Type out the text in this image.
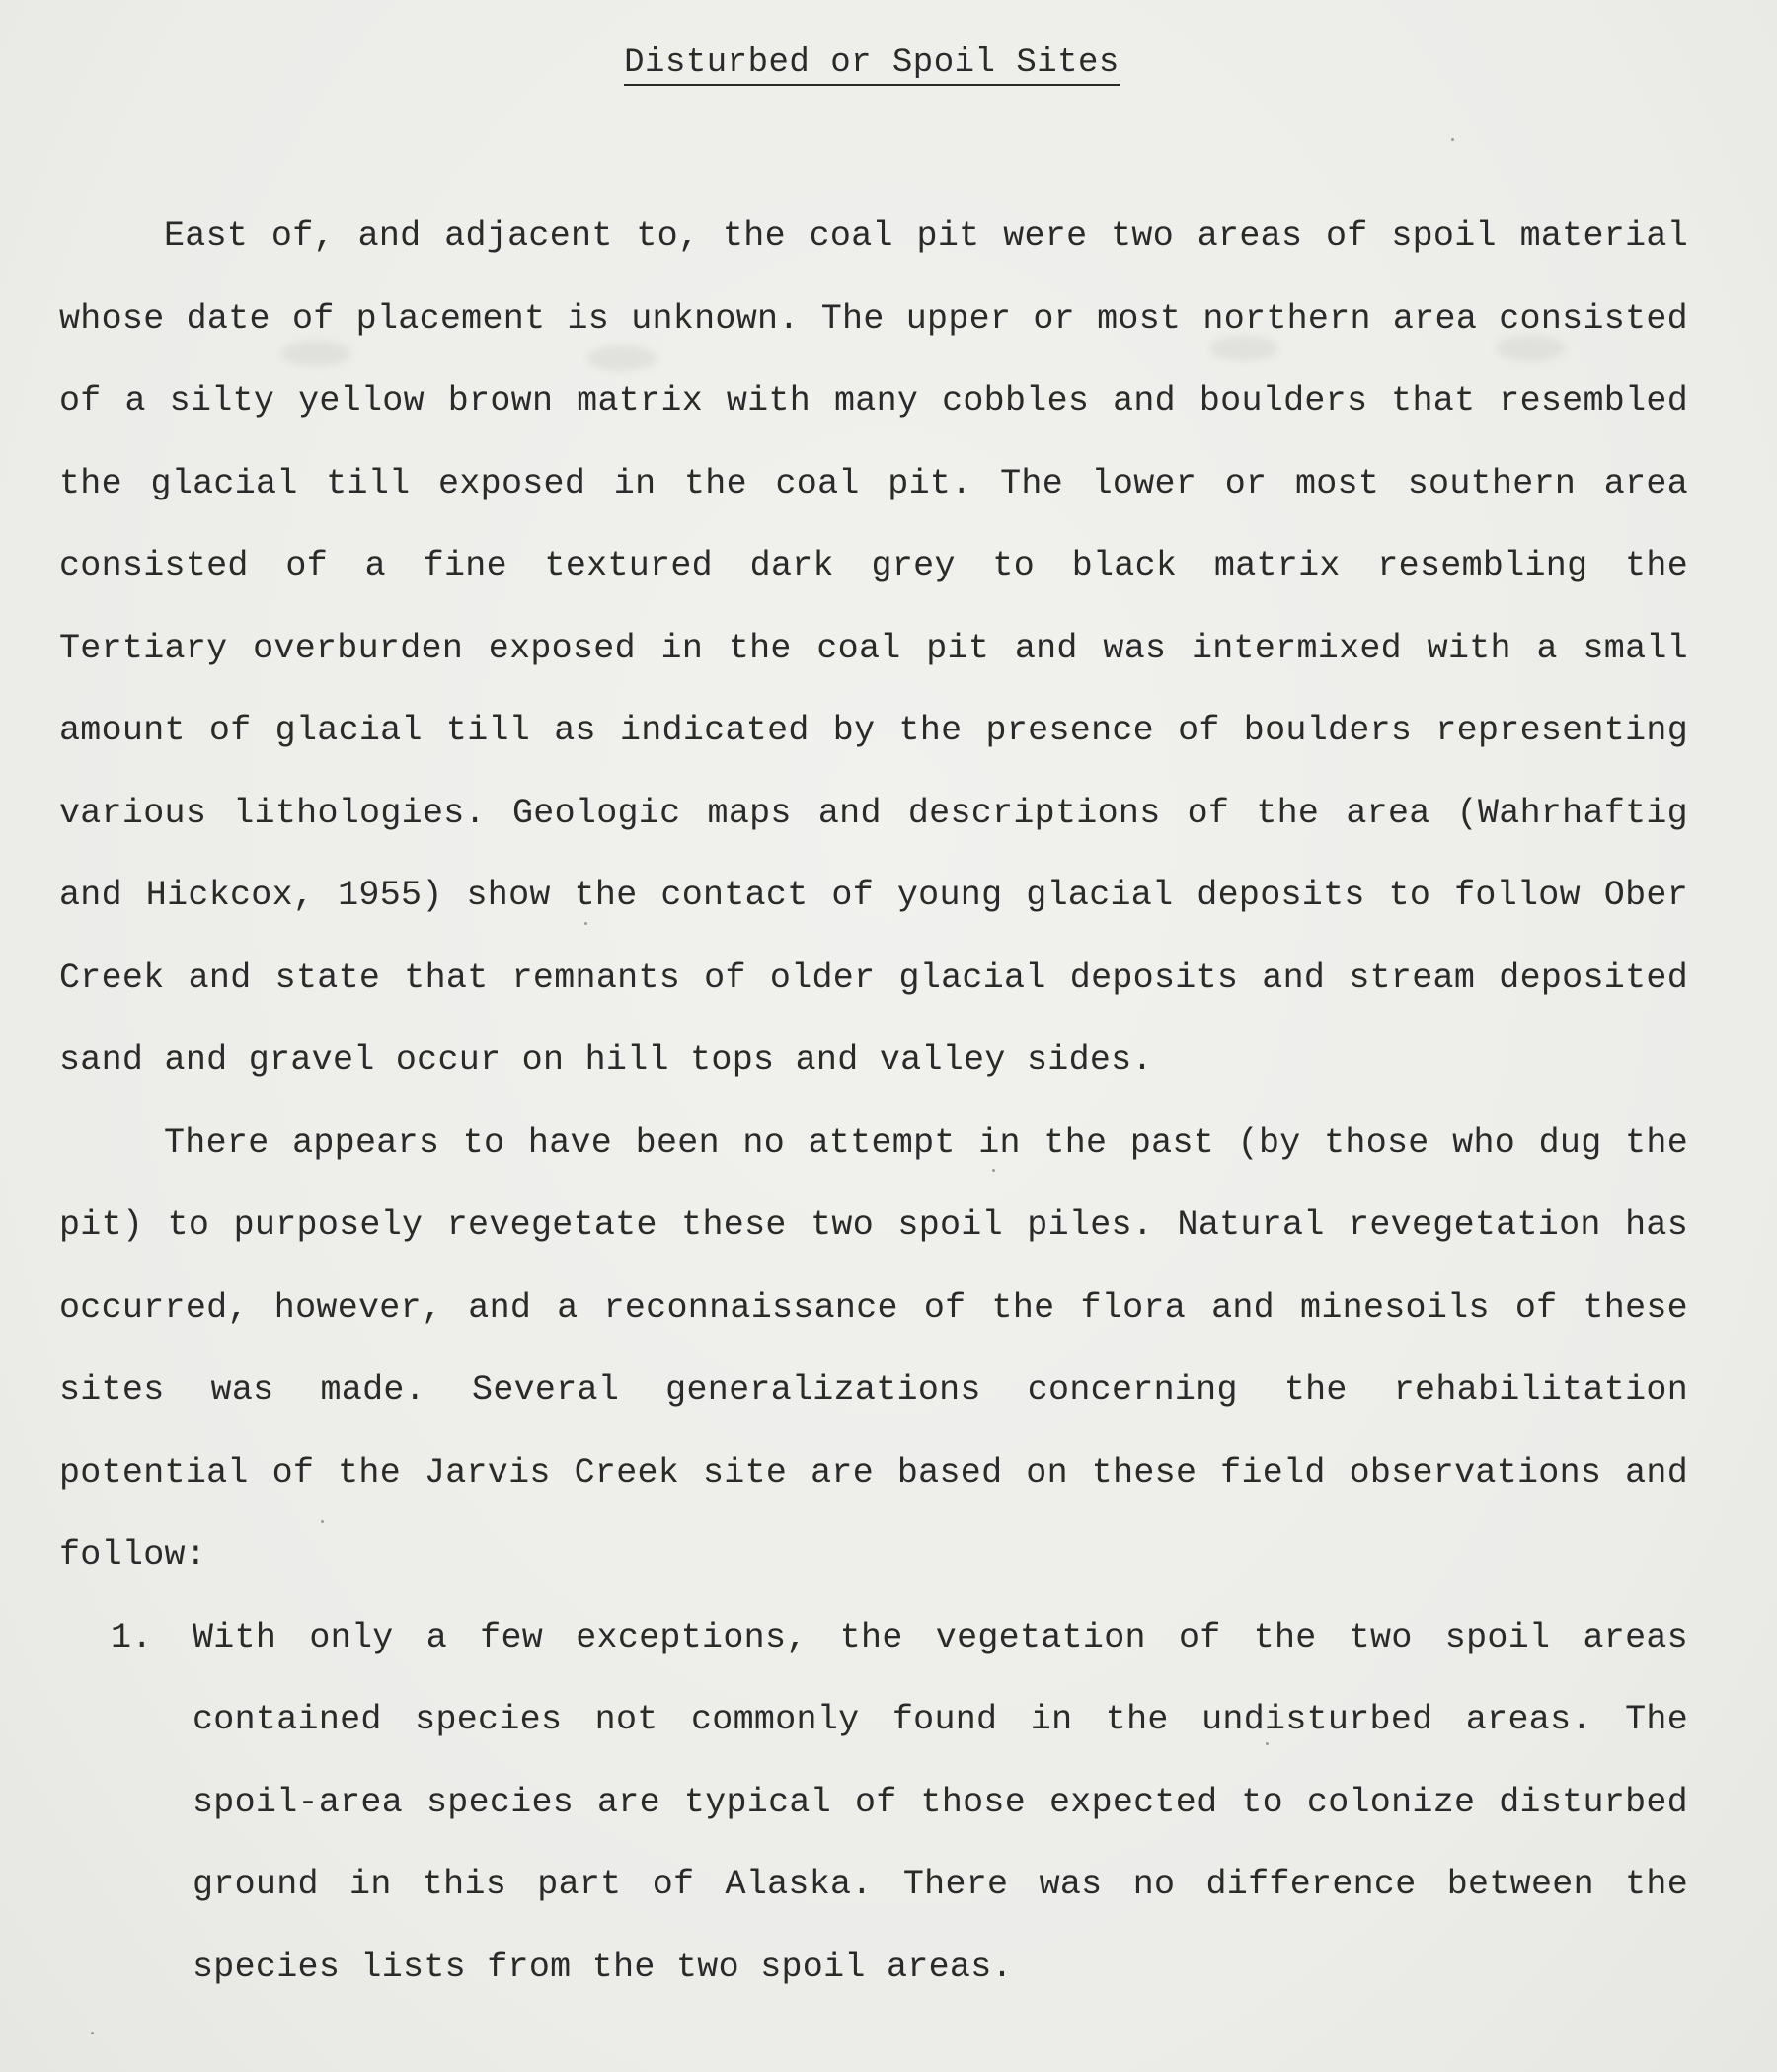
Disturbed or Spoil Sites

East of, and adjacent to, the coal pit were two areas of spoil material whose date of placement is unknown. The upper or most northern area consisted of a silty yellow brown matrix with many cobbles and boulders that resembled the glacial till exposed in the coal pit. The lower or most southern area consisted of a fine textured dark grey to black matrix resembling the Tertiary overburden exposed in the coal pit and was intermixed with a small amount of glacial till as indicated by the presence of boulders representing various lithologies. Geologic maps and descriptions of the area (Wahrhaftig and Hickcox, 1955) show the contact of young glacial deposits to follow Ober Creek and state that remnants of older glacial deposits and stream deposited sand and gravel occur on hill tops and valley sides.

There appears to have been no attempt in the past (by those who dug the pit) to purposely revegetate these two spoil piles. Natural revegetation has occurred, however, and a reconnaissance of the flora and minesoils of these sites was made. Several generalizations concerning the rehabilitation potential of the Jarvis Creek site are based on these field observations and follow:

1. With only a few exceptions, the vegetation of the two spoil areas contained species not commonly found in the undisturbed areas. The spoil-area species are typical of those expected to colonize disturbed ground in this part of Alaska. There was no difference between the species lists from the two spoil areas.
